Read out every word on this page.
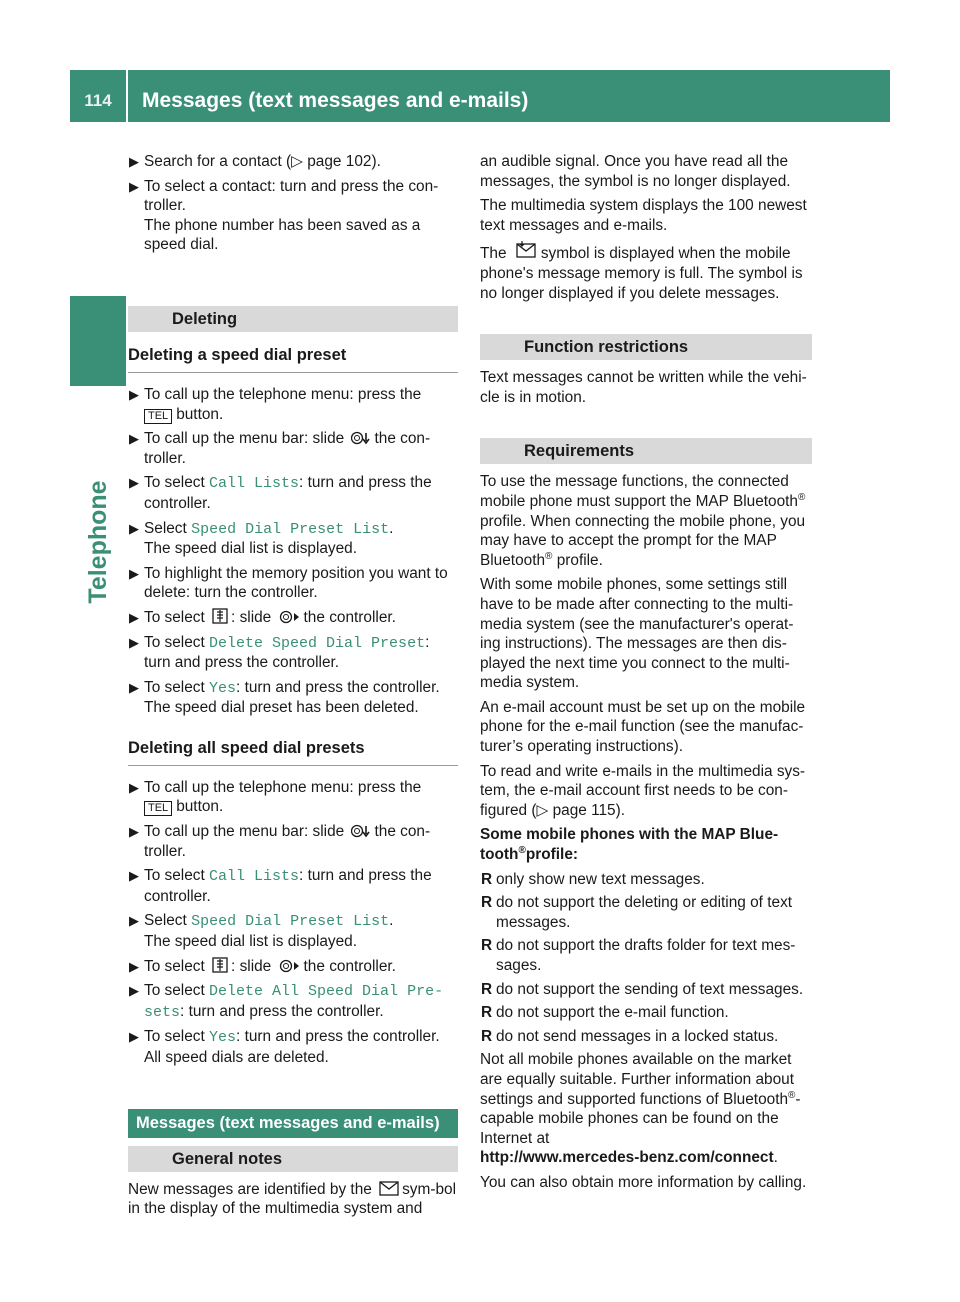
114	Messages (text messages and e-mails)
Telephone
▶ Search for a contact (▷ page 102).
▶ To select a contact: turn and press the con-troller.
The phone number has been saved as a speed dial.
Deleting
Deleting a speed dial preset
▶ To call up the telephone menu: press the
TEL button.
▶ To call up the menu bar: slide the con-troller.
▶ To select Call Lists: turn and press the controller.
▶ Select Speed Dial Preset List.
The speed dial list is displayed.
▶ To highlight the memory position you want to delete: turn the controller.
▶ To select : slide the controller.
▶ To select Delete Speed Dial Preset: turn and press the controller.
▶ To select Yes: turn and press the controller.
The speed dial preset has been deleted.
Deleting all speed dial presets
▶ To call up the telephone menu: press the
TEL button.
▶ To call up the menu bar: slide the con-troller.
▶ To select Call Lists: turn and press the controller.
▶ Select Speed Dial Preset List.
The speed dial list is displayed.
▶ To select : slide the controller.
▶ To select Delete All Speed Dial Pre‐sets: turn and press the controller.
▶ To select Yes: turn and press the controller.
All speed dials are deleted.
Messages (text messages and e-mails)
General notes

New messages are identified by the sym-bol in the display of the multimedia system and

an audible signal. Once you have read all the messages, the symbol is no longer displayed.

The multimedia system displays the 100 newest text messages and e-mails.

The symbol is displayed when the mobile phone's message memory is full. The symbol is no longer displayed if you delete messages.

Function restrictions

Text messages cannot be written while the vehi-cle is in motion.

Requirements

To use the message functions, the connected mobile phone must support the MAP Bluetooth® profile. When connecting the mobile phone, you may have to accept the prompt for the MAP Bluetooth® profile.

With some mobile phones, some settings still have to be made after connecting to the multi-media system (see the manufacturer's operat-ing instructions). The messages are then dis-played the next time you connect to the multi-media system.

An e-mail account must be set up on the mobile phone for the e-mail function (see the manufac-turer’s operating instructions).

To read and write e-mails in the multimedia sys-tem, the e-mail account first needs to be con-figured (▷ page 115).

Some mobile phones with the MAP Blue-tooth®profile:

R only show new text messages.
R do not support the deleting or editing of text messages.
R do not support the drafts folder for text mes-sages.
R do not support the sending of text messages.
R do not support the e-mail function.
R do not send messages in a locked status.

Not all mobile phones available on the market are equally suitable. Further information about settings and supported functions of Bluetooth®-capable mobile phones can be found on the Internet at
http://www.mercedes-benz.com/connect.

You can also obtain more information by calling.
